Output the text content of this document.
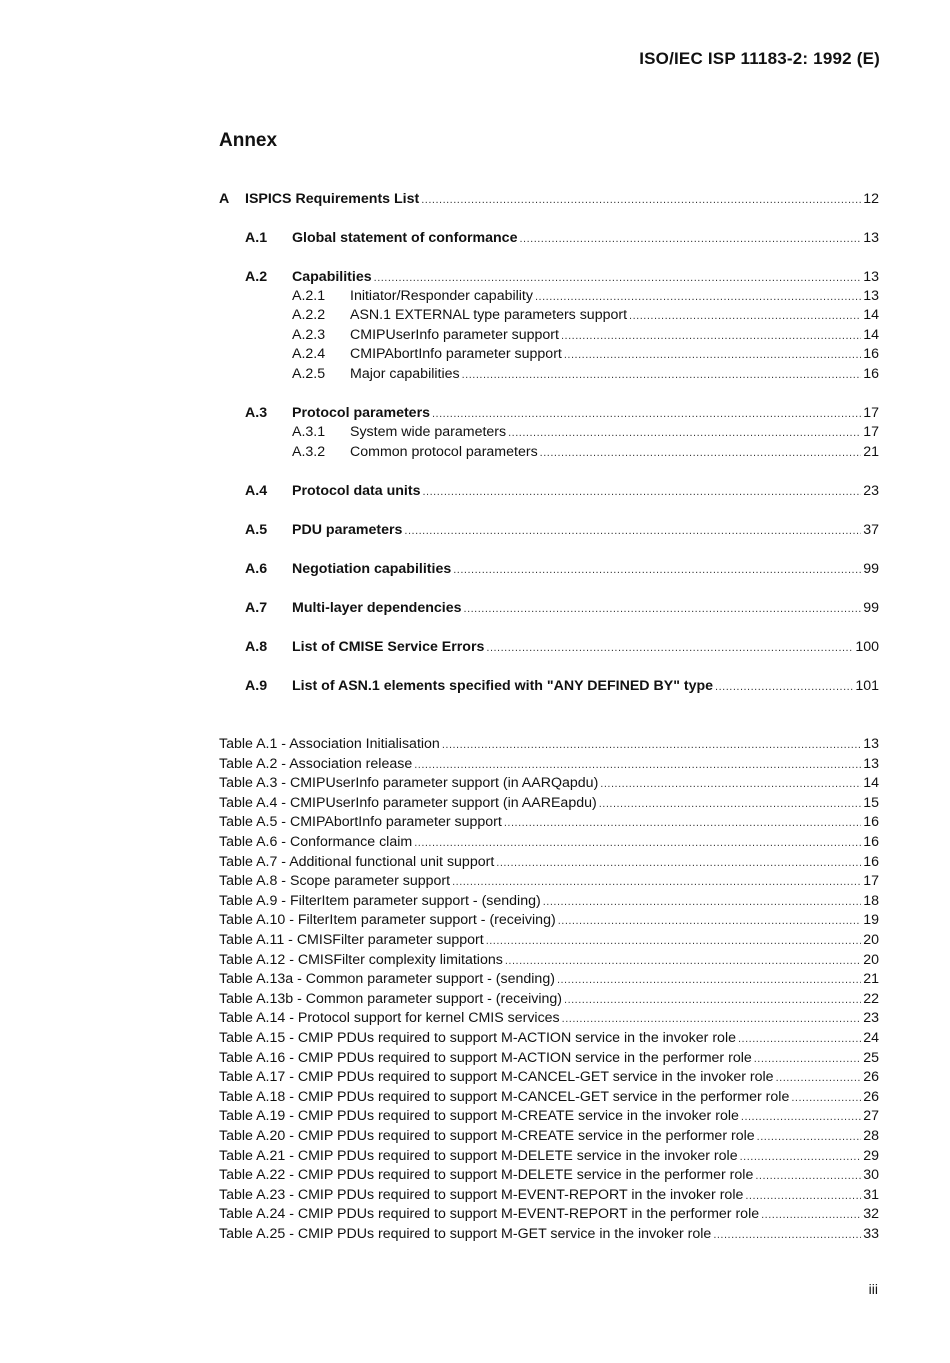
ISO/IEC ISP 11183-2: 1992 (E)
Annex
A ISPICS Requirements List .....	12
A.1 Global statement of conformance .....	13
A.2 Capabilities .....	13
A.2.1 Initiator/Responder capability .....	13
A.2.2 ASN.1 EXTERNAL type parameters support .....	14
A.2.3 CMIPUserInfo parameter support .....	14
A.2.4 CMIPAbortInfo parameter support .....	16
A.2.5 Major capabilities .....	16
A.3 Protocol parameters .....	17
A.3.1 System wide parameters .....	17
A.3.2 Common protocol parameters .....	21
A.4 Protocol data units .....	23
A.5 PDU parameters .....	37
A.6 Negotiation capabilities .....	99
A.7 Multi-layer dependencies .....	99
A.8 List of CMISE Service Errors .....	100
A.9 List of ASN.1 elements specified with "ANY DEFINED BY" type .....	101
Table A.1 - Association Initialisation .....	13
Table A.2 - Association release .....	13
Table A.3 - CMIPUserInfo parameter support (in AARQapdu) .....	14
Table A.4 - CMIPUserInfo parameter support (in AAREapdu) .....	15
Table A.5 - CMIPAbortInfo parameter support .....	16
Table A.6 - Conformance claim .....	16
Table A.7 - Additional functional unit support .....	16
Table A.8 - Scope parameter support .....	17
Table A.9 - FilterItem parameter support - (sending) .....	18
Table A.10 - FilterItem parameter support - (receiving) .....	19
Table A.11 - CMISFilter parameter support .....	20
Table A.12 - CMISFilter complexity limitations .....	20
Table A.13a - Common parameter support - (sending) .....	21
Table A.13b - Common parameter support - (receiving) .....	22
Table A.14 - Protocol support for kernel CMIS services .....	23
Table A.15 - CMIP PDUs required to support M-ACTION service in the invoker role .....	24
Table A.16 - CMIP PDUs required to support M-ACTION service in the performer role .....	25
Table A.17 - CMIP PDUs required to support M-CANCEL-GET service in the invoker role .....	26
Table A.18 - CMIP PDUs required to support M-CANCEL-GET service in the performer role .....	26
Table A.19 - CMIP PDUs required to support M-CREATE service in the invoker role .....	27
Table A.20 - CMIP PDUs required to support M-CREATE service in the performer role .....	28
Table A.21 - CMIP PDUs required to support M-DELETE service in the invoker role .....	29
Table A.22 - CMIP PDUs required to support M-DELETE service in the performer role .....	30
Table A.23 - CMIP PDUs required to support M-EVENT-REPORT in the invoker role .....	31
Table A.24 - CMIP PDUs required to support M-EVENT-REPORT in the performer role .....	32
Table A.25 - CMIP PDUs required to support M-GET service in the invoker role .....	33
iii
